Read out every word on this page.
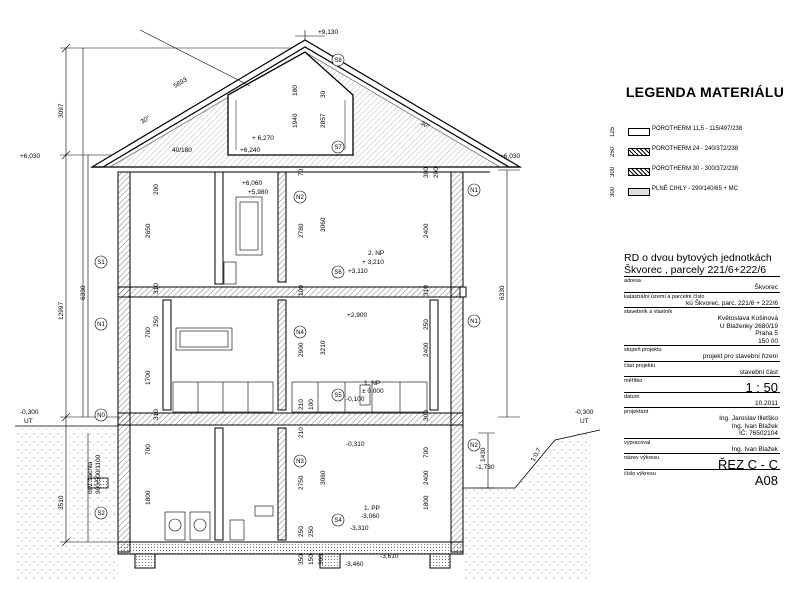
+9,130
+6,030	+6,030
+ 6,270
+6,240
+6,060
+5,980
2. NP
+ 3,210
+3,110
+2,900
1. NP
± 0,000
-0,100
-0,300
UT
-0,300
UT
-0,310
-1,730
1. PP
-3,060
-3,310
-3,610
-3,460
3097
12997
6330	6330
3510
1430
5693
30°	30°
40/180
1940
180
2857
30
200
2650	2780 3060	2400
300 200
70
310	310
100
250
700
1700
2900 3210	2400
250
210 100
310	300
700
1800
2750 3060
210
2400
250
1800
700
250
350 150 300
1:0,7
S8
S7
S1
S6
S5
S4
S2
N1
N1	N1
N2
N2
N3
N4
N0
osv. šachta 900/500/1100
LEGENDA MATERIÁLU
125	POROTHERM 11,5 - 115/497/238
250	POROTHERM 24 - 240/372/238
300	POROTHERM 30 - 300/372/238
300	PLNÉ CIHLY - 290/140/65 + MC
RD o dvou bytových jednotkách
Škvorec , parcely 221/6+222/6
adresa
Škvorec
katastrální území a parcelní číslo
kú Škvorec, parc. 221/6 + 222/6
stavebník a vlastník
Květoslava Košinová
U Blaženky 2680/19
Praha 5
150 00
stupeň projektu
projekt pro stavební řízení
část projektu
stavební část
měřítko	1 : 50
datum
10.2011
projektant
Ing. Jaroslav Illetško
Ing. Ivan Blažek
IČ: 76502104
vypracoval
Ing. Ivan Blažek
název výkresu	ŘEZ C - C
číslo výkresu	A08
